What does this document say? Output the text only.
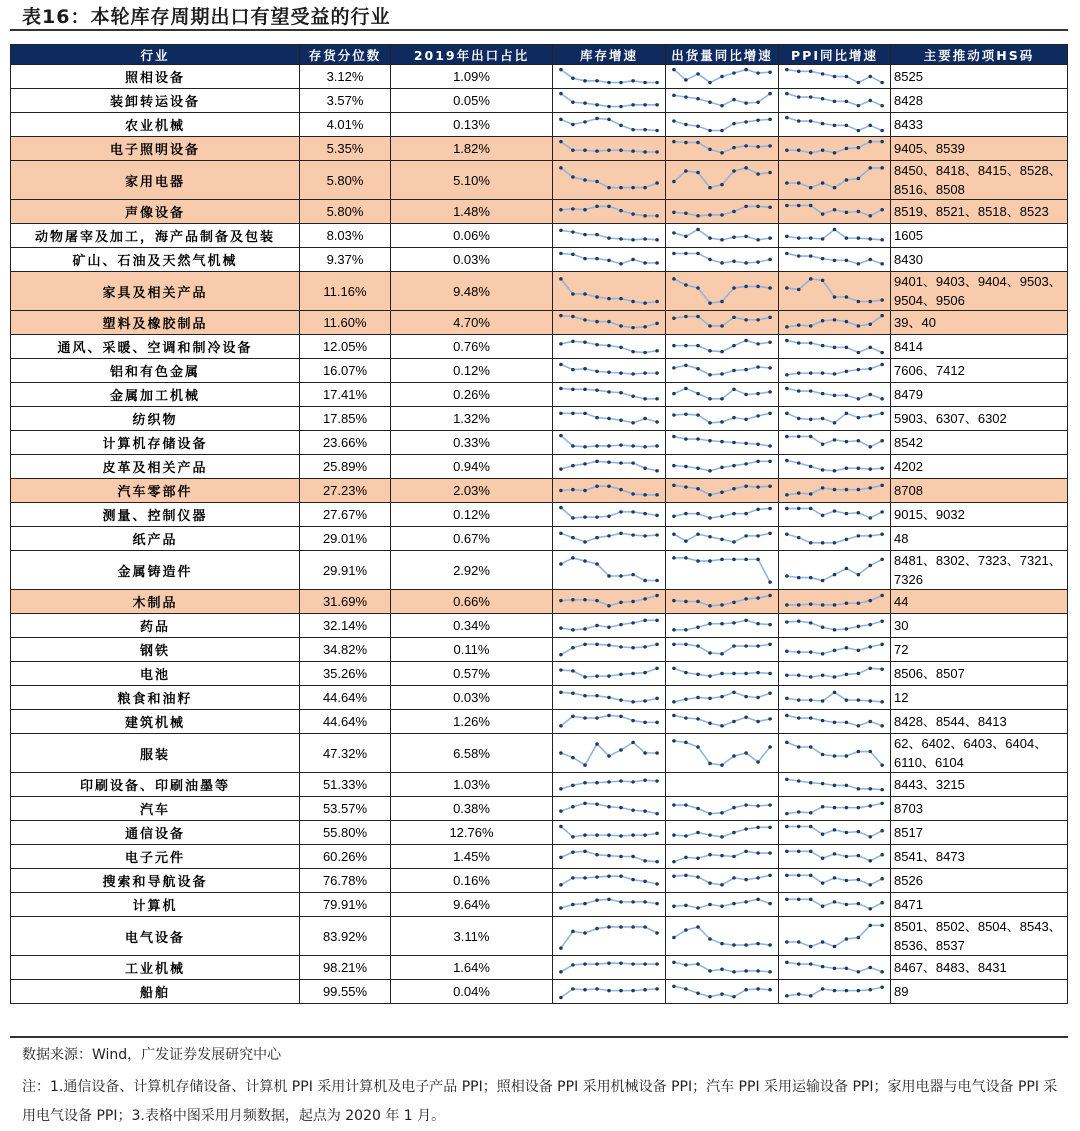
表16：本轮库存周期出口有望受益的行业
行业	存货分位数	2019年出口占比	库存增速	出货量同比增速	PPI同比增速	主要推动项HS码
照相设备	3.12%	1.09%				8525
装卸转运设备	3.57%	0.05%				8428
农业机械	4.01%	0.13%				8433
电子照明设备	5.35%	1.82%				9405、8539
家用电器	5.80%	5.10%				8450、8418、8415、8528、8516、8508
声像设备	5.80%	1.48%				8519、8521、8518、8523
动物屠宰及加工，海产品制备及包装	8.03%	0.06%				1605
矿山、石油及天然气机械	9.37%	0.03%				8430
家具及相关产品	11.16%	9.48%				9401、9403、9404、9503、9504、9506
塑料及橡胶制品	11.60%	4.70%				39、40
通风、采暖、空调和制冷设备	12.05%	0.76%				8414
铝和有色金属	16.07%	0.12%				7606、7412
金属加工机械	17.41%	0.26%				8479
纺织物	17.85%	1.32%				5903、6307、6302
计算机存储设备	23.66%	0.33%				8542
皮革及相关产品	25.89%	0.94%				4202
汽车零部件	27.23%	2.03%				8708
测量、控制仪器	27.67%	0.12%				9015、9032
纸产品	29.01%	0.67%				48
金属铸造件	29.91%	2.92%				8481、8302、7323、7321、7326
木制品	31.69%	0.66%				44
药品	32.14%	0.34%				30
钢铁	34.82%	0.11%				72
电池	35.26%	0.57%				8506、8507
粮食和油籽	44.64%	0.03%				12
建筑机械	44.64%	1.26%				8428、8544、8413
服装	47.32%	6.58%				62、6402、6403、6404、6110、6104
印刷设备、印刷油墨等	51.33%	1.03%				8443、3215
汽车	53.57%	0.38%				8703
通信设备	55.80%	12.76%				8517
电子元件	60.26%	1.45%				8541、8473
搜索和导航设备	76.78%	0.16%				8526
计算机	79.91%	9.64%				8471
电气设备	83.92%	3.11%				8501、8502、8504、8543、8536、8537
工业机械	98.21%	1.64%				8467、8483、8431
船舶	99.55%	0.04%				89
数据来源：Wind，广发证券发展研究中心
注：1.通信设备、计算机存储设备、计算机 PPI 采用计算机及电子产品 PPI；照相设备 PPI 采用机械设备 PPI；汽车 PPI 采用运输设备 PPI；家用电器与电气设备 PPI 采用电气设备 PPI；3.表格中图采用月频数据，起点为 2020 年 1 月。
